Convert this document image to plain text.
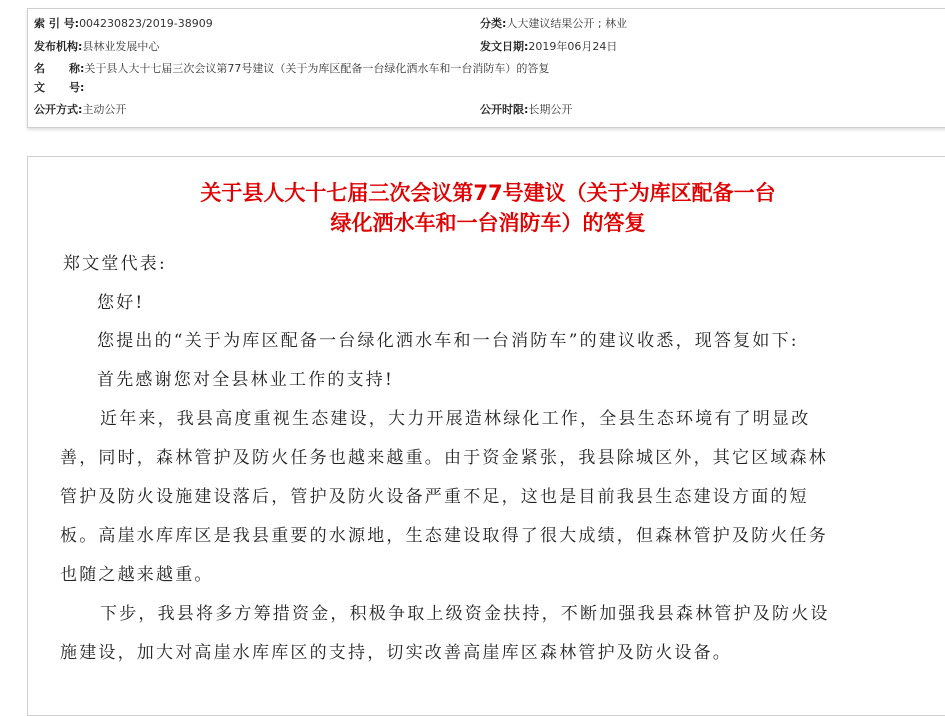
索 引 号:004230823/2019-38909	分类:人大建议结果公开 ; 林业
发布机构:县林业发展中心	发文日期:2019年06月24日
名 称:关于县人大十七届三次会议第77号建议（关于为库区配备一台绿化洒水车和一台消防车）的答复
文 号:
公开方式:主动公开	公开时限:长期公开
关于县人大十七届三次会议第77号建议（关于为库区配备一台
绿化洒水车和一台消防车）的答复
郑文堂代表:
您好!
您提出的“关于为库区配备一台绿化洒水车和一台消防车”的建议收悉，现答复如下:
首先感谢您对全县林业工作的支持!
近年来，我县高度重视生态建设，大力开展造林绿化工作，全县生态环境有了明显改
善，同时，森林管护及防火任务也越来越重。由于资金紧张，我县除城区外，其它区域森林
管护及防火设施建设落后，管护及防火设备严重不足，这也是目前我县生态建设方面的短
板。高崖水库库区是我县重要的水源地，生态建设取得了很大成绩，但森林管护及防火任务
也随之越来越重。
下步，我县将多方筹措资金，积极争取上级资金扶持，不断加强我县森林管护及防火设
施建设，加大对高崖水库库区的支持，切实改善高崖库区森林管护及防火设备。
